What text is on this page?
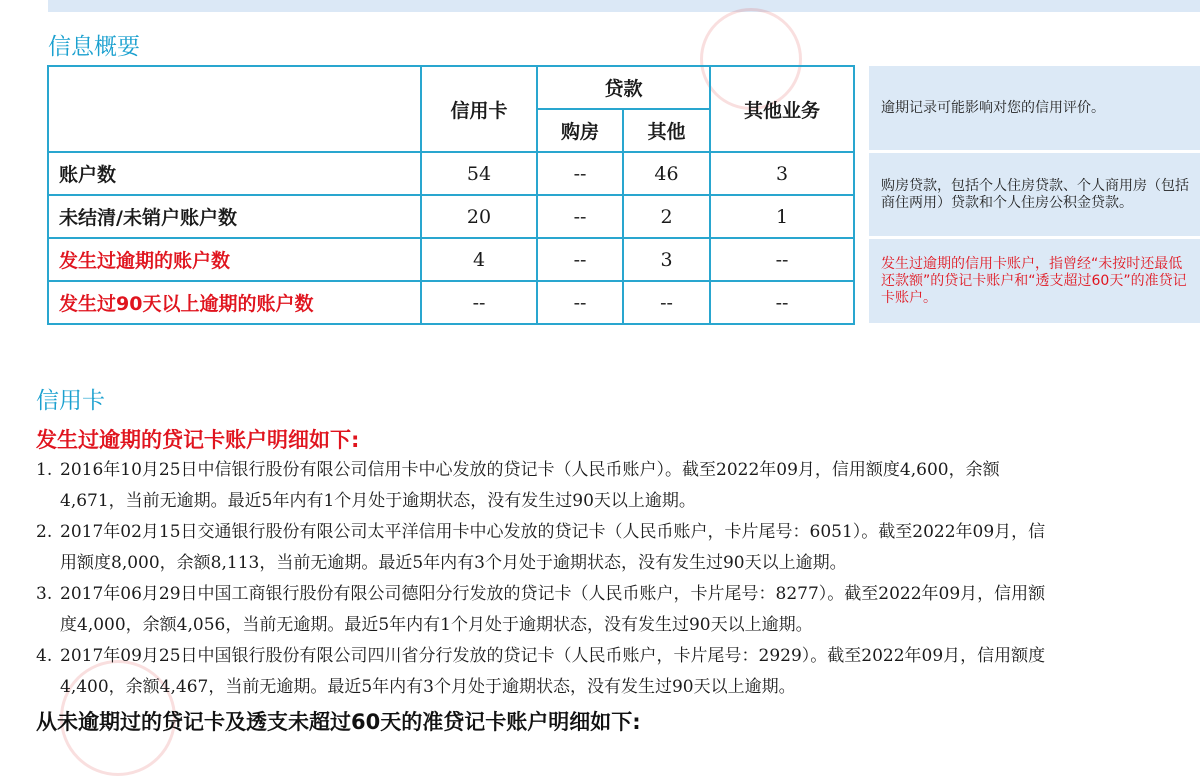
信息概要
	信用卡	贷款		其他业务
		购房	其他	
账户数	54	--	46	3
未结清/未销户账户数	20	--	2	1
发生过逾期的账户数	4	--	3	--
发生过90天以上逾期的账户数	--	--	--	--
逾期记录可能影响对您的信用评价。
购房贷款，包括个人住房贷款、个人商用房（包括商住两用）贷款和个人住房公积金贷款。
发生过逾期的信用卡账户，指曾经“未按时还最低还款额”的贷记卡账户和“透支超过60天”的准贷记卡账户。
信用卡
发生过逾期的贷记卡账户明细如下:
1. 2016年10月25日中信银行股份有限公司信用卡中心发放的贷记卡（人民币账户）。截至2022年09月，信用额度4,600，余额
4,671，当前无逾期。最近5年内有1个月处于逾期状态，没有发生过90天以上逾期。
2. 2017年02月15日交通银行股份有限公司太平洋信用卡中心发放的贷记卡（人民币账户，卡片尾号：6051）。截至2022年09月，信
用额度8,000，余额8,113，当前无逾期。最近5年内有3个月处于逾期状态，没有发生过90天以上逾期。
3. 2017年06月29日中国工商银行股份有限公司德阳分行发放的贷记卡（人民币账户，卡片尾号：8277）。截至2022年09月，信用额
度4,000，余额4,056，当前无逾期。最近5年内有1个月处于逾期状态，没有发生过90天以上逾期。
4. 2017年09月25日中国银行股份有限公司四川省分行发放的贷记卡（人民币账户，卡片尾号：2929）。截至2022年09月，信用额度
4,400，余额4,467，当前无逾期。最近5年内有3个月处于逾期状态，没有发生过90天以上逾期。
从未逾期过的贷记卡及透支未超过60天的准贷记卡账户明细如下:
